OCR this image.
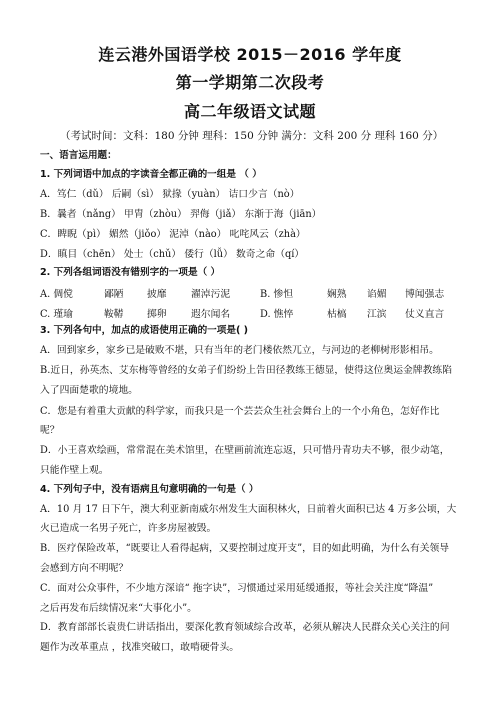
连云港外国语学校 2015－2016 学年度
第一学期第二次段考
高二年级语文试题
（考试时间：文科：180 分钟 理科：150 分钟 满分：文科 200 分 理科 160 分）
一、语言运用题：
1. 下列词语中加点的字读音全都正确的一组是 （ ）
A．笃仁（dǔ） 后嗣（sì） 狱掾（yuàn） 诘口少言（nò）
B．曩者（nǎng） 甲胄（zhòu） 羿侮（jiǎ） 东渐于海（jiān）
C．睥睨（pì） 媚然（jiǒo） 泥淖（nào） 叱咤风云（zhà）
D．瞋目（chēn） 处士（chǔ） 倭行（lǚ） 数奇之命（qí）
2. 下列各组词语没有错别字的一项是（ ）
A. 倜傥	鄙陋 披靡 濯淖污泥	B. 惨怛	娴熟 谄媚 博闻强志
C. 瑾瑜	鞍鞯 掷卵 遐尔闻名	D. 憔悴	枯槁 江滨 仗义直言
3. 下列各句中，加点的成语使用正确的一项是( )
A．回到家乡，家乡已是破败不堪，只有当年的老门楼依然兀立，与河边的老柳树形影相吊。
B.近日，孙英杰、艾东梅等曾经的女弟子们纷纷上告田径教练王德显，使得这位奥运金牌教练陷
入了四面楚歌的境地。
C．您是有着重大贡献的科学家，而我只是一个芸芸众生社会舞台上的一个小角色，怎好作比
呢？
D．小王喜欢绘画，常常混在美术馆里，在壁画前流连忘返，只可惜丹青功夫不够，很少动笔，
只能作壁上观。
4. 下列句子中，没有语病且句意明确的一句是（ ）
A．10 月 17 日下午，澳大利亚新南威尔州发生大面积林火，日前着火面积已达 4 万多公顷，大
火已造成一名男子死亡，许多房屋被毁。
B．医疗保险改革，“既要让人看得起病，又要控制过度开支”，目的如此明确，为什么有关领导
会感到方向不明呢？
C．面对公众事件，不少地方深谙“ 拖字诀”，习惯通过采用延缓通报，等社会关注度“降温”
之后再发布后续情况来“大事化小”。
D．教育部部长袁贵仁讲话指出，要深化教育领域综合改革，必须从解决人民群众关心关注的问
题作为改革重点 ，找准突破口，敢啃硬骨头。
